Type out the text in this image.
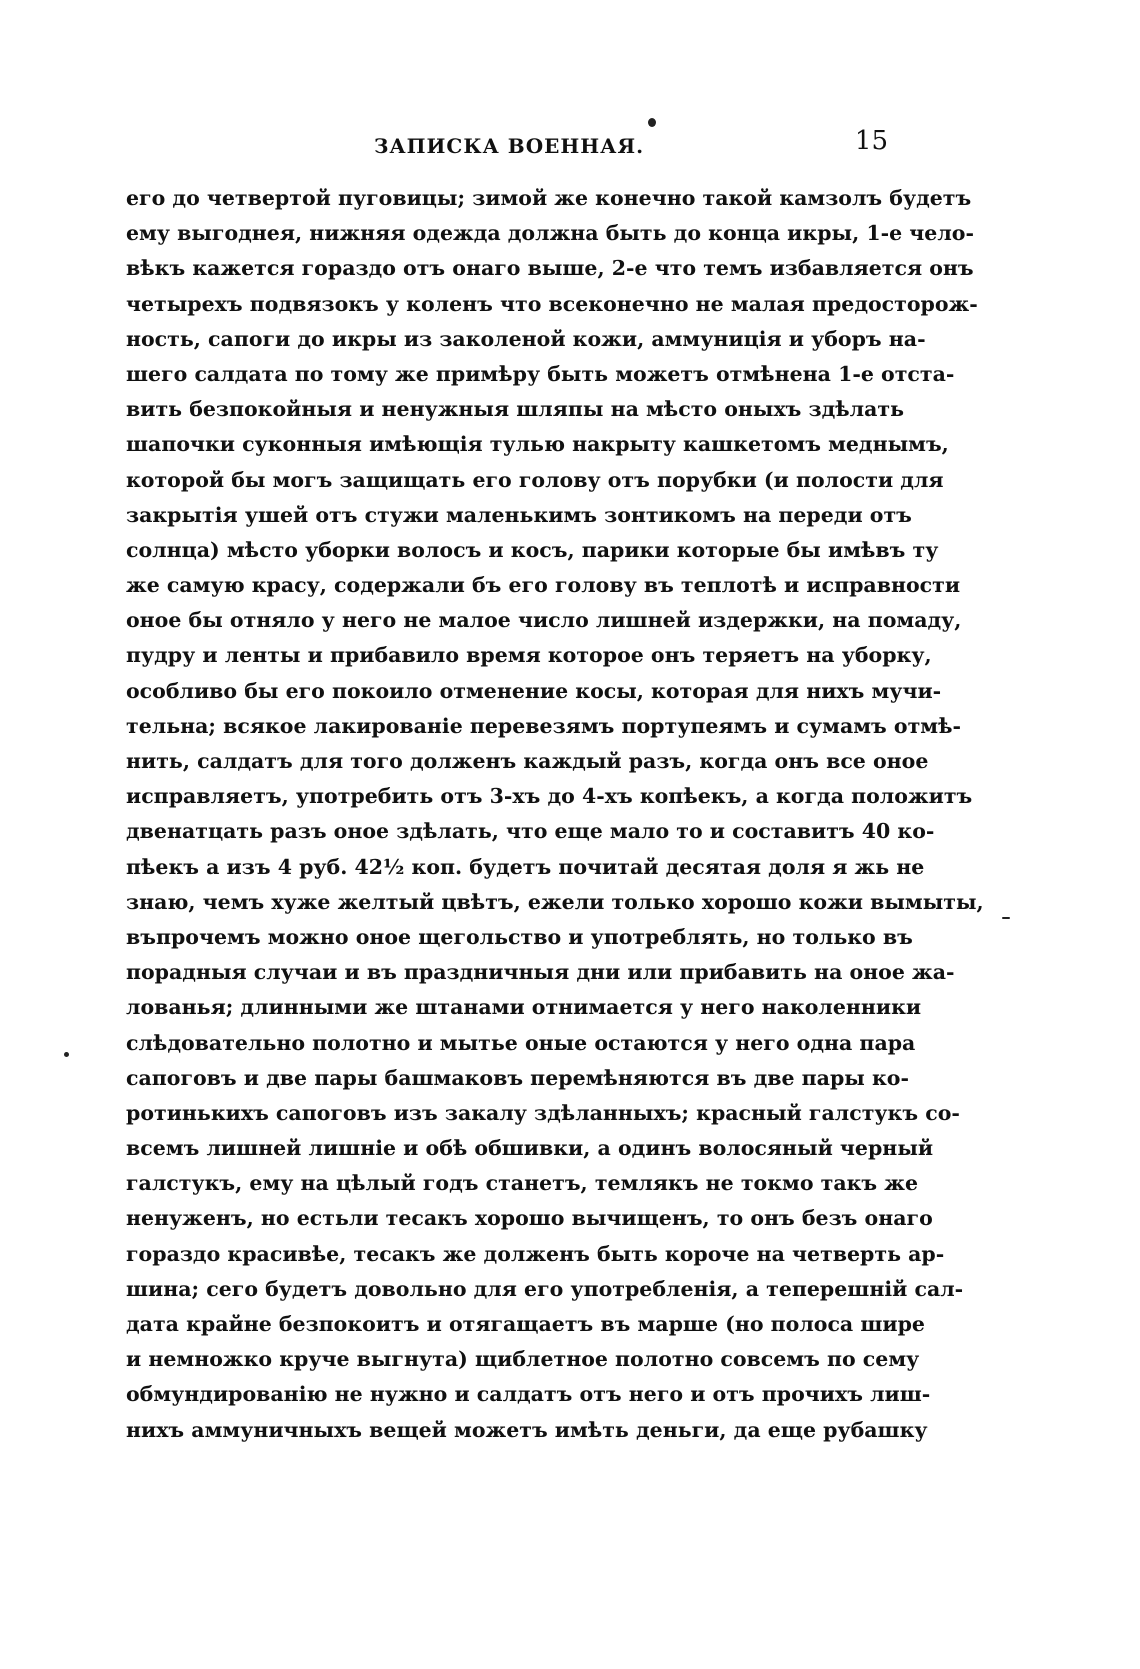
ЗАПИСКА ВОЕННАЯ.	15
его до четвертой пуговицы; зимой же конечно такой камзолъ будетъ
ему выгоднея, нижняя одежда должна быть до конца икры, 1-е чело-
вѣкъ кажется гораздо отъ онаго выше, 2-е что темъ избавляется онъ
четырехъ подвязокъ у коленъ что всеконечно не малая предосторож-
ность, сапоги до икры из заколеной кожи, аммуниція и уборъ на-
шего салдата по тому же примѣру быть можетъ отмѣнена 1-е отста-
вить безпокойныя и ненужныя шляпы на мѣсто оныхъ здѣлать
шапочки суконныя имѣющія тулью накрыту кашкетомъ меднымъ,
которой бы могъ защищать его голову отъ порубки (и полости для
закрытія ушей отъ стужи маленькимъ зонтикомъ на переди отъ
солнца) мѣсто уборки волосъ и косъ, парики которые бы имѣвъ ту
же самую красу, содержали бъ его голову въ теплотѣ и исправности
оное бы отняло у него не малое число лишней издержки, на помаду,
пудру и ленты и прибавило время которое онъ теряетъ на уборку,
особливо бы его покоило отменение косы, которая для нихъ мучи-
тельна; всякое лакированіе перевезямъ портупеямъ и сумамъ отмѣ-
нить, салдатъ для того долженъ каждый разъ, когда онъ все оное
исправляетъ, употребить отъ 3-хъ до 4-хъ копѣекъ, а когда положитъ
двенатцать разъ оное здѣлать, что еще мало то и составитъ 40 ко-
пѣекъ а изъ 4 руб. 42½ коп. будетъ почитай десятая доля я жь не
знаю, чемъ хуже желтый цвѣтъ, ежели только хорошо кожи вымыты,
въпрочемъ можно оное щегольство и употреблять, но только въ
порадныя случаи и въ праздничныя дни или прибавить на оное жа-
лованья; длинными же штанами отнимается у него наколенники
слѣдовательно полотно и мытье оные остаются у него одна пара
сапоговъ и две пары башмаковъ перемѣняются въ две пары ко-
ротинькихъ сапоговъ изъ закалу здѣланныхъ; красный галстукъ со-
всемъ лишней лишніе и обѣ обшивки, а одинъ волосяный черный
галстукъ, ему на цѣлый годъ станетъ, темлякъ не токмо такъ же
ненуженъ, но естьли тесакъ хорошо вычищенъ, то онъ безъ онаго
гораздо красивѣе, тесакъ же долженъ быть короче на четверть ар-
шина; сего будетъ довольно для его употребленія, а теперешній сал-
дата крайне безпокоитъ и отягащаетъ въ марше (но полоса шире
и немножко круче выгнута) щиблетное полотно совсемъ по сему
обмундированію не нужно и салдатъ отъ него и отъ прочихъ лиш-
нихъ аммуничныхъ вещей можетъ имѣть деньги, да еще рубашку
